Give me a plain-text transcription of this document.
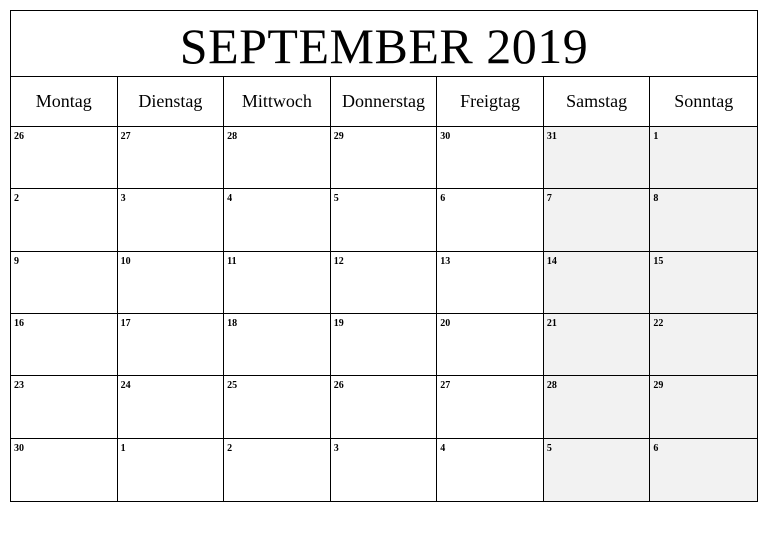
SEPTEMBER 2019
Montag	Dienstag	Mittwoch	Donnerstag	Freigtag	Samstag	Sonntag
26	27	28	29	30	31	1
2	3	4	5	6	7	8
9	10	11	12	13	14	15
16	17	18	19	20	21	22
23	24	25	26	27	28	29
30	1	2	3	4	5	6
